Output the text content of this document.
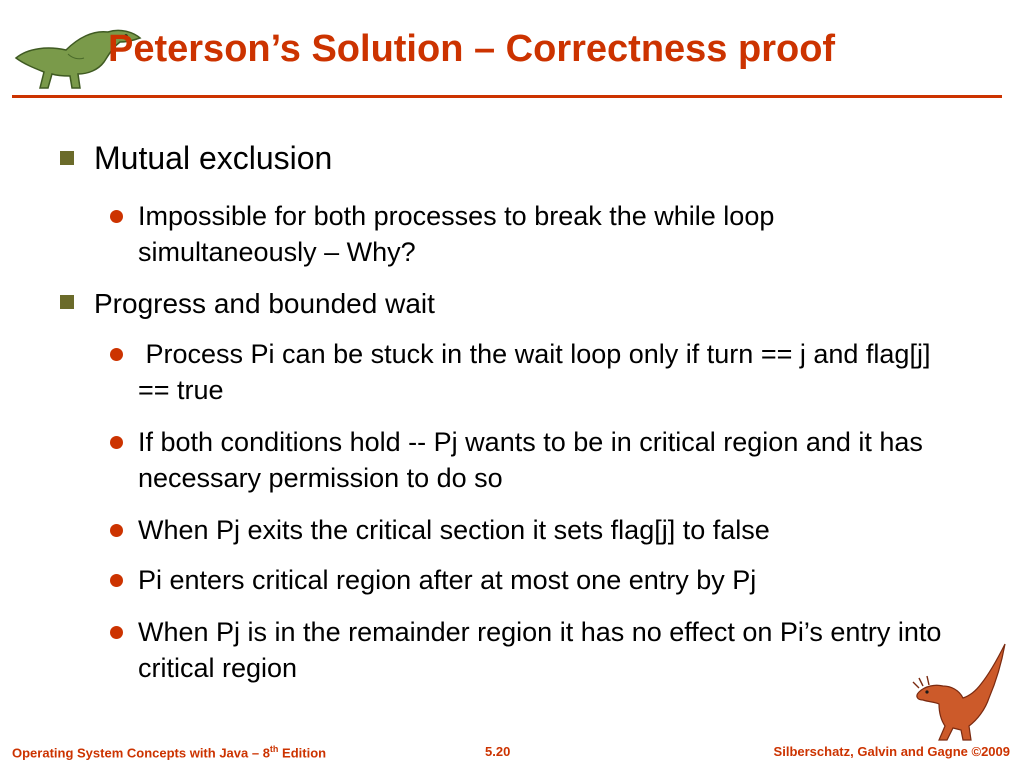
Peterson’s Solution – Correctness proof
Mutual exclusion
Impossible for both processes to break the while loop simultaneously – Why?
Progress and bounded wait
Process Pi can be stuck in the wait loop only if turn == j and flag[j] == true
If both conditions hold -- Pj wants to be in critical region and it has necessary permission to do so
When Pj exits the critical section it sets flag[j] to false
Pi enters critical region after at most one entry by Pj
When Pj is in the remainder region it has no effect on Pi’s entry into critical region
Operating System Concepts with Java – 8th Edition	5.20	Silberschatz, Galvin and Gagne ©2009
